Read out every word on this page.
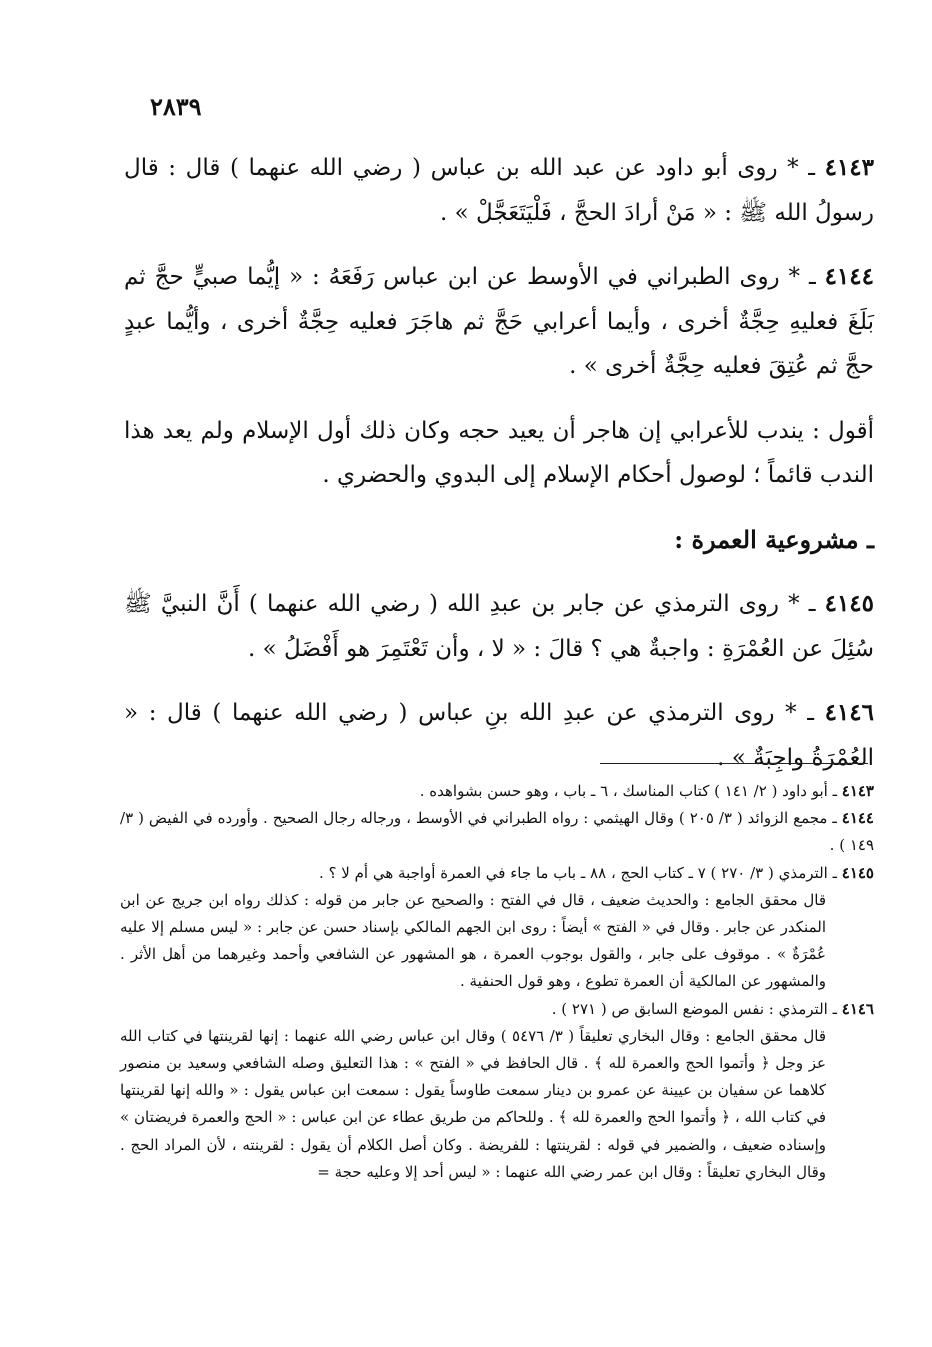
٢٨٣٩

٤١٤٣ ـ * روى أبو داود عن عبد الله بن عباس ( رضي الله عنهما ) قال : قال رسولُ الله ﷺ : « مَنْ أرادَ الحجَّ ، فَلْيَتَعَجَّلْ » .

٤١٤٤ ـ * روى الطبراني في الأوسط عن ابن عباس رَفَعَهُ : « إيُّما صبيٍّ حجَّ ثم بَلَغَ فعليهِ حِجَّةٌ أخرى ، وأيما أعرابي حَجَّ ثم هاجَرَ فعليه حِجَّةٌ أخرى ، وأيُّما عبدٍ حجَّ ثم عُتِقَ فعليه حِجَّةٌ أخرى » .

أقول : يندب للأعرابي إن هاجر أن يعيد حجه وكان ذلك أول الإسلام ولم يعد هذا الندب قائماً ؛ لوصول أحكام الإسلام إلى البدوي والحضري .

ـ مشروعية العمرة :

٤١٤٥ ـ * روى الترمذي عن جابر بن عبدِ الله ( رضي الله عنهما ) أَنَّ النبيَّ ﷺ سُئِلَ عن العُمْرَةِ : واجبةٌ هي ؟ قالَ : « لا ، وأن تَعْتَمِرَ هو أَفْضَلُ » .

٤١٤٦ ـ * روى الترمذي عن عبدِ الله بنِ عباس ( رضي الله عنهما ) قال : « العُمْرَةُ واجِبَةٌ » .

٤١٤٣ ـ أبو داود ( ٢/ ١٤١ ) كتاب المناسك ، ٦ ـ باب ، وهو حسن بشواهده .

٤١٤٤ ـ مجمع الزوائد ( ٣/ ٢٠٥ ) وقال الهيثمي : رواه الطبراني في الأوسط ، ورجاله رجال الصحيح . وأورده في الفيض ( ٣/ ١٤٩ ) .

٤١٤٥ ـ الترمذي ( ٣/ ٢٧٠ ) ٧ ـ كتاب الحج ، ٨٨ ـ باب ما جاء في العمرة أواجبة هي أم لا ؟ .

قال محقق الجامع : والحديث ضعيف ، قال في الفتح : والصحيح عن جابر من قوله : كذلك رواه ابن جريج عن ابن المنكدر عن جابر . وقال في « الفتح » أيضاً : روى ابن الجهم المالكي بإسناد حسن عن جابر : « ليس مسلم إلا عليه عُمْرَةٌ » . موقوف على جابر ، والقول بوجوب العمرة ، هو المشهور عن الشافعي وأحمد وغيرهما من أهل الأثر . والمشهور عن المالكية أن العمرة تطوع ، وهو قول الحنفية .

٤١٤٦ ـ الترمذي : نفس الموضع السابق ص ( ٢٧١ ) .

قال محقق الجامع : وقال البخاري تعليقاً ( ٣/ ٥٤٧٦ ) وقال ابن عباس رضي الله عنهما : إنها لقرينتها في كتاب الله عز وجل ﴿ وأتموا الحج والعمرة لله ﴾ . قال الحافظ في « الفتح » : هذا التعليق وصله الشافعي وسعيد بن منصور كلاهما عن سفيان بن عيينة عن عمرو بن دينار سمعت طاوساً يقول : سمعت ابن عباس يقول : « والله إنها لقرينتها في كتاب الله ، ﴿ وأتموا الحج والعمرة لله ﴾ . وللحاكم من طريق عطاء عن ابن عباس : « الحج والعمرة فريضتان » وإسناده ضعيف ، والضمير في قوله : لقرينتها : للفريضة . وكان أصل الكلام أن يقول : لقرينته ، لأن المراد الحج . وقال البخاري تعليقاً : وقال ابن عمر رضي الله عنهما : « ليس أحد إلا وعليه حجة =
